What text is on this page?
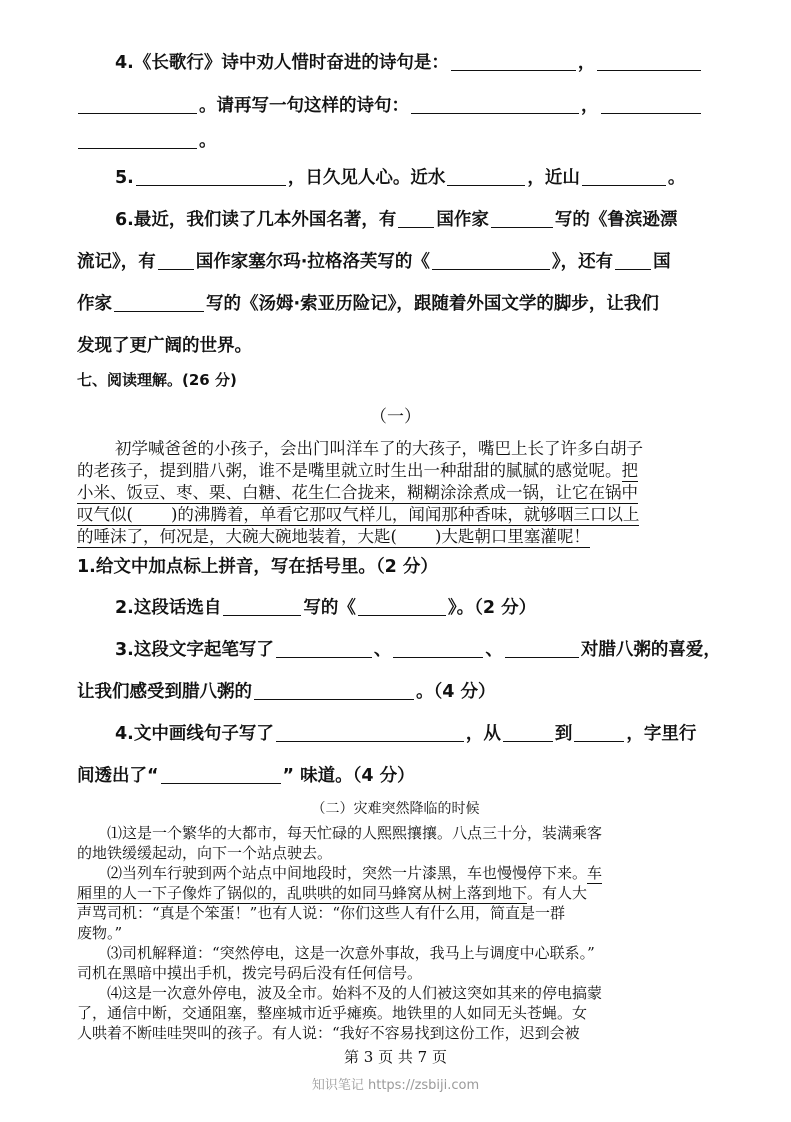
4.《长歌行》诗中劝人惜时奋进的诗句是：	，
。请再写一句这样的诗句：	，
。
5.	，日久见人心。近水	，近山	。
6.最近，我们读了几本外国名著，有 国作家	写的《鲁滨逊漂
流记》，有 国作家塞尔玛·拉格洛芙写的《	》，还有 国
作家	写的《汤姆·索亚历险记》，跟随着外国文学的脚步，让我们
发现了更广阔的世界。
七、阅读理解。(26 分)
（一）
初学喊爸爸的小孩子，会出门叫洋车了的大孩子，嘴巴上长了许多白胡子
的老孩子，提到腊八粥，谁不是嘴里就立时生出一种甜甜的腻腻的感觉呢。把
小米、饭豆、枣、栗、白糖、花生仁合拢来，糊糊涂涂煮成一锅，让它在锅中
叹气似( )的沸腾着，单看它那叹气样儿，闻闻那种香味，就够咽三口以上
的唾沫了，何况是，大碗大碗地装着，大匙( )大匙朝口里塞灌呢！
1.给文中加点标上拼音，写在括号里。（2 分）
2.这段话选自	写的《	》。（2 分）
3.这段文字起笔写了	、	、	对腊八粥的喜爱，
让我们感受到腊八粥的	。（4 分）
4.文中画线句子写了	，从	到	，字里行
间透出了“	” 味道。（4 分）
（二）灾难突然降临的时候
⑴这是一个繁华的大都市，每天忙碌的人熙熙攘攘。八点三十分，装满乘客
的地铁缓缓起动，向下一个站点驶去。
⑵当列车行驶到两个站点中间地段时，突然一片漆黑，车也慢慢停下来。车
厢里的人一下子像炸了锅似的，乱哄哄的如同马蜂窝从树上落到地下。有人大
声骂司机：“真是个笨蛋！”也有人说：“你们这些人有什么用，简直是一群
废物。”
⑶司机解释道：“突然停电，这是一次意外事故，我马上与调度中心联系。”
司机在黑暗中摸出手机，拨完号码后没有任何信号。
⑷这是一次意外停电，波及全市。始料不及的人们被这突如其来的停电搞蒙
了，通信中断，交通阻塞，整座城市近乎瘫痪。地铁里的人如同无头苍蝇。女
人哄着不断哇哇哭叫的孩子。有人说：“我好不容易找到这份工作，迟到会被
第 3 页 共 7 页
知识笔记 https://zsbiji.com
